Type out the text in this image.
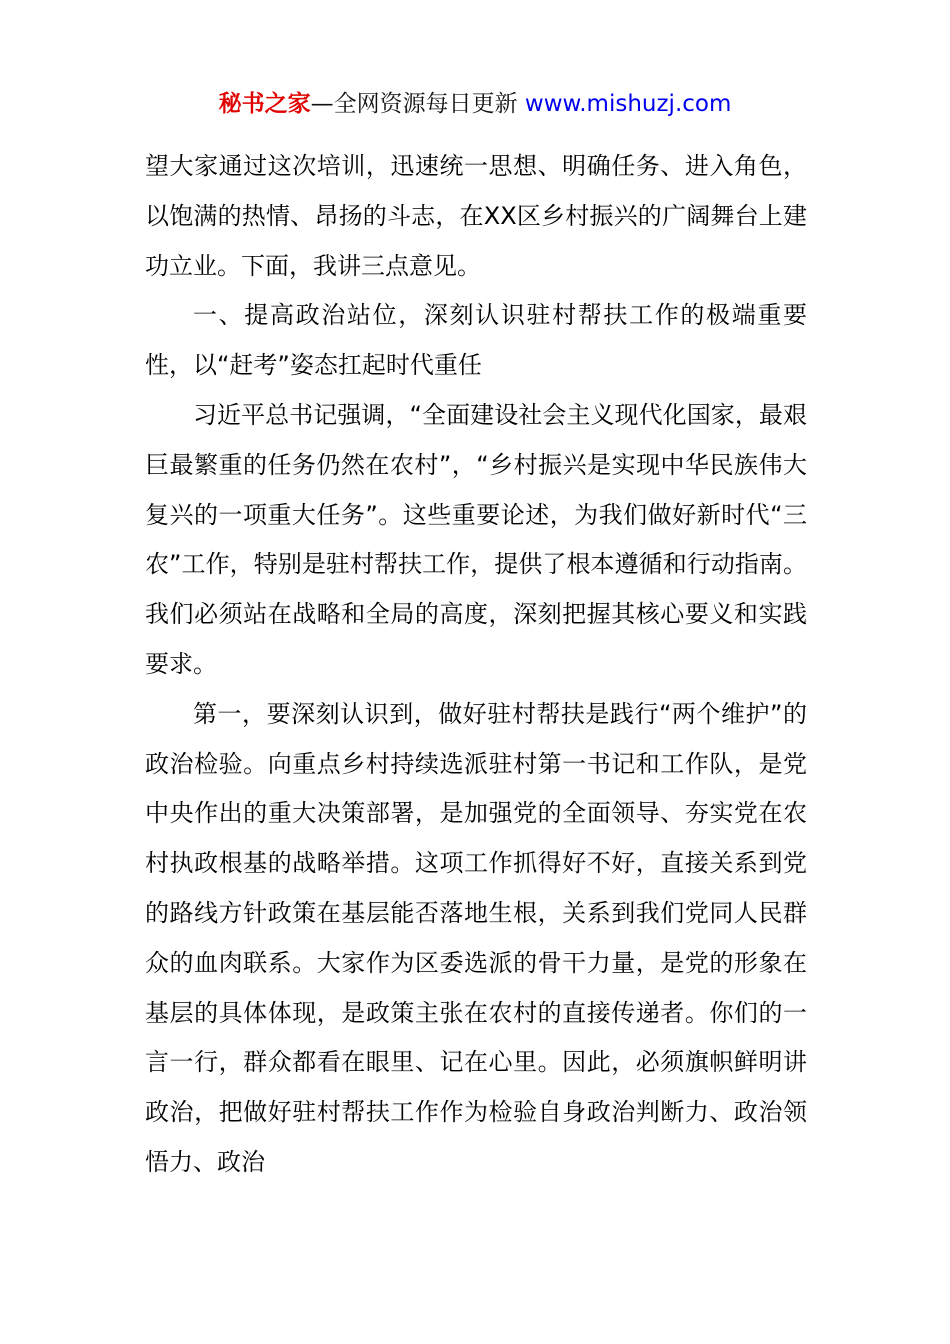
秘书之家—全网资源每日更新 www.mishuzj.com

望大家通过这次培训，迅速统一思想、明确任务、进入角色，以饱满的热情、昂扬的斗志，在XX区乡村振兴的广阔舞台上建功立业。下面，我讲三点意见。

一、提高政治站位，深刻认识驻村帮扶工作的极端重要性，以“赶考”姿态扛起时代重任

习近平总书记强调，“全面建设社会主义现代化国家，最艰巨最繁重的任务仍然在农村”，“乡村振兴是实现中华民族伟大复兴的一项重大任务”。这些重要论述，为我们做好新时代“三农”工作，特别是驻村帮扶工作，提供了根本遵循和行动指南。我们必须站在战略和全局的高度，深刻把握其核心要义和实践要求。

第一，要深刻认识到，做好驻村帮扶是践行“两个维护”的政治检验。向重点乡村持续选派驻村第一书记和工作队，是党中央作出的重大决策部署，是加强党的全面领导、夯实党在农村执政根基的战略举措。这项工作抓得好不好，直接关系到党的路线方针政策在基层能否落地生根，关系到我们党同人民群众的血肉联系。大家作为区委选派的骨干力量，是党的形象在基层的具体体现，是政策主张在农村的直接传递者。你们的一言一行，群众都看在眼里、记在心里。因此，必须旗帜鲜明讲政治，把做好驻村帮扶工作作为检验自身政治判断力、政治领悟力、政治
